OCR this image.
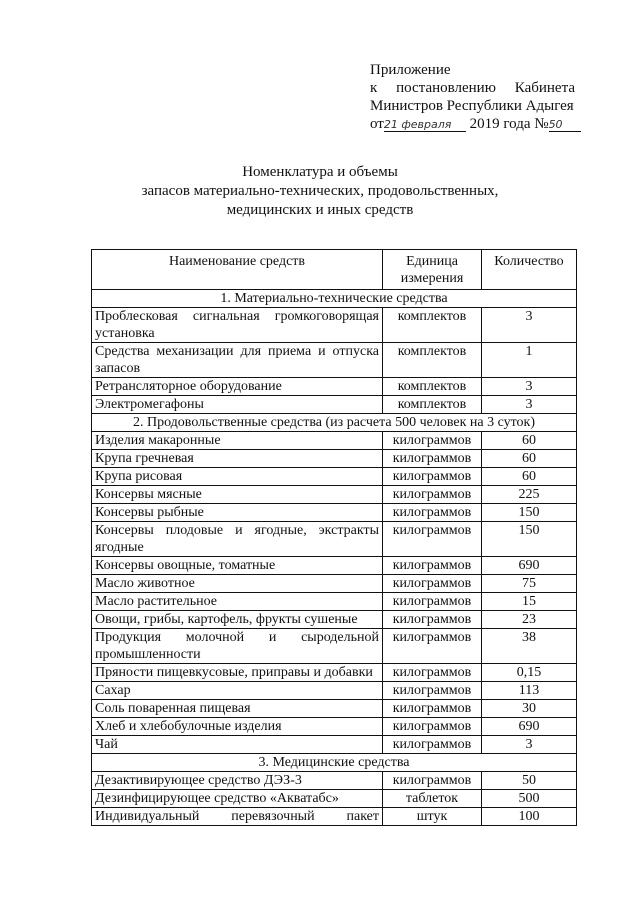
Приложение
к постановлению Кабинета
Министров Республики Адыгея
от21 февраля 2019 года №50
Номенклатура и объемы
запасов материально-технических, продовольственных,
медицинских и иных средств
Наименование средств	Единица измерения	Количество
1. Материально-технические средства		
Проблесковая сигнальная громкоговорящая установка	комплектов	3
Средства механизации для приема и отпуска запасов	комплектов	1
Ретрансляторное оборудование	комплектов	3
Электромегафоны	комплектов	3
2. Продовольственные средства (из расчета 500 человек на 3 суток)		
Изделия макаронные	килограммов	60
Крупа гречневая	килограммов	60
Крупа рисовая	килограммов	60
Консервы мясные	килограммов	225
Консервы рыбные	килограммов	150
Консервы плодовые и ягодные, экстракты ягодные	килограммов	150
Консервы овощные, томатные	килограммов	690
Масло животное	килограммов	75
Масло растительное	килограммов	15
Овощи, грибы, картофель, фрукты сушеные	килограммов	23
Продукция молочной и сыродельной промышленности	килограммов	38
Пряности пищевкусовые, приправы и добавки	килограммов	0,15
Сахар	килограммов	113
Соль поваренная пищевая	килограммов	30
Хлеб и хлебобулочные изделия	килограммов	690
Чай	килограммов	3
3. Медицинские средства		
Дезактивирующее средство ДЭЗ-3	килограммов	50
Дезинфицирующее средство «Акватабс»	таблеток	500
Индивидуальный перевязочный пакет	штук	100
